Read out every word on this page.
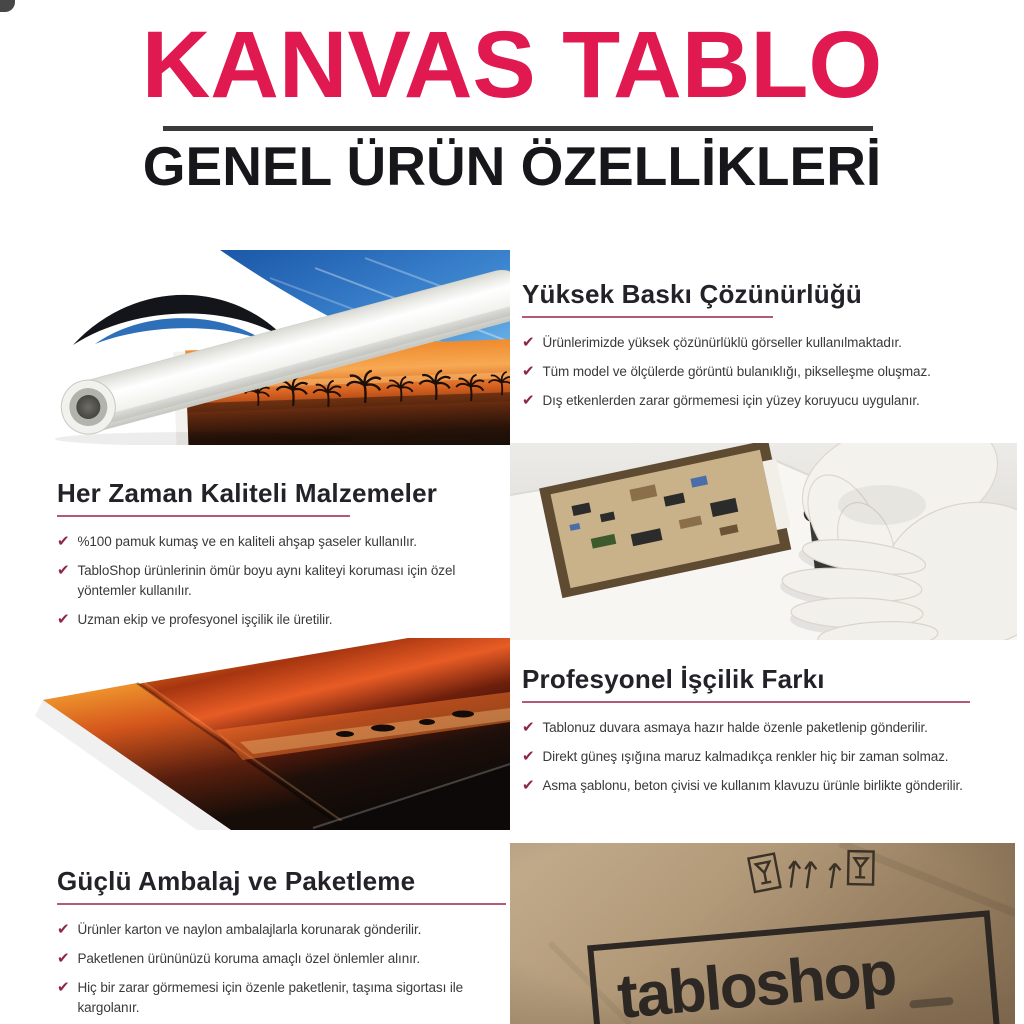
KANVAS TABLO
GENEL ÜRÜN ÖZELLİKLERİ
Yüksek Baskı Çözünürlüğü
✔ Ürünlerimizde yüksek çözünürlüklü görseller kullanılmaktadır.
✔ Tüm model ve ölçülerde görüntü bulanıklığı, pikselleşme oluşmaz.
✔ Dış etkenlerden zarar görmemesi için yüzey koruyucu uygulanır.
Her Zaman Kaliteli Malzemeler
✔ %100 pamuk kumaş ve en kaliteli ahşap şaseler kullanılır.
✔ TabloShop ürünlerinin ömür boyu aynı kaliteyi koruması için özel yöntemler kullanılır.
✔ Uzman ekip ve profesyonel işçilik ile üretilir.
Profesyonel İşçilik Farkı
✔ Tablonuz duvara asmaya hazır halde özenle paketlenip gönderilir.
✔ Direkt güneş ışığına maruz kalmadıkça renkler hiç bir zaman solmaz.
✔ Asma şablonu, beton çivisi ve kullanım klavuzu ürünle birlikte gönderilir.
Güçlü Ambalaj ve Paketleme
✔ Ürünler karton ve naylon ambalajlarla korunarak gönderilir.
✔ Paketlenen ürününüzü koruma amaçlı özel önlemler alınır.
✔ Hiç bir zarar görmemesi için özenle paketlenir, taşıma sigortası ile kargolanır.
